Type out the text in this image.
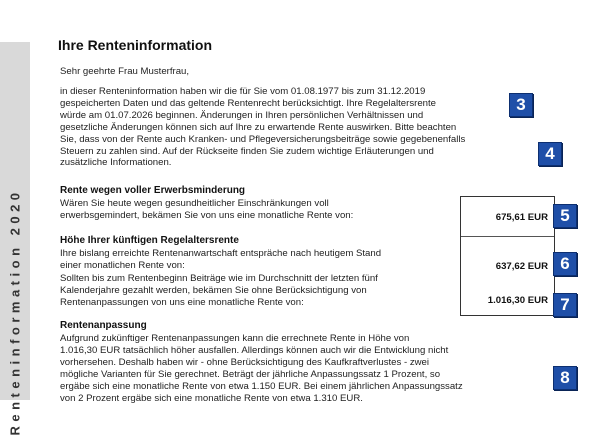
Renteninformation 2020
Ihre Renteninformation

Sehr geehrte Frau Musterfrau,

in dieser Renteninformation haben wir die für Sie vom 01.08.1977 bis zum 31.12.2019
gespeicherten Daten und das geltende Rentenrecht berücksichtigt. Ihre Regelaltersrente
würde am 01.07.2026 beginnen. Änderungen in Ihren persönlichen Verhältnissen und
gesetzliche Änderungen können sich auf Ihre zu erwartende Rente auswirken. Bitte beachten
Sie, dass von der Rente auch Kranken- und Pflegeversicherungsbeiträge sowie gegebenenfalls
Steuern zu zahlen sind. Auf der Rückseite finden Sie zudem wichtige Erläuterungen und
zusätzliche Informationen.

Rente wegen voller Erwerbsminderung

Wären Sie heute wegen gesundheitlicher Einschränkungen voll
erwerbsgemindert, bekämen Sie von uns eine monatliche Rente von:

Höhe Ihrer künftigen Regelaltersrente

Ihre bislang erreichte Rentenanwartschaft entspräche nach heutigem Stand
einer monatlichen Rente von:

Sollten bis zum Rentenbeginn Beiträge wie im Durchschnitt der letzten fünf
Kalenderjahre gezahlt werden, bekämen Sie ohne Berücksichtigung von
Rentenanpassungen von uns eine monatliche Rente von:

675,61 EUR
637,62 EUR
1.016,30 EUR

Rentenanpassung

Aufgrund zukünftiger Rentenanpassungen kann die errechnete Rente in Höhe von
1.016,30 EUR tatsächlich höher ausfallen. Allerdings können auch wir die Entwicklung nicht
vorhersehen. Deshalb haben wir - ohne Berücksichtigung des Kaufkraftverlustes - zwei
mögliche Varianten für Sie gerechnet. Beträgt der jährliche Anpassungssatz 1 Prozent, so
ergäbe sich eine monatliche Rente von etwa 1.150 EUR. Bei einem jährlichen Anpassungssatz
von 2 Prozent ergäbe sich eine monatliche Rente von etwa 1.310 EUR.

3
4
5
6
7
8
